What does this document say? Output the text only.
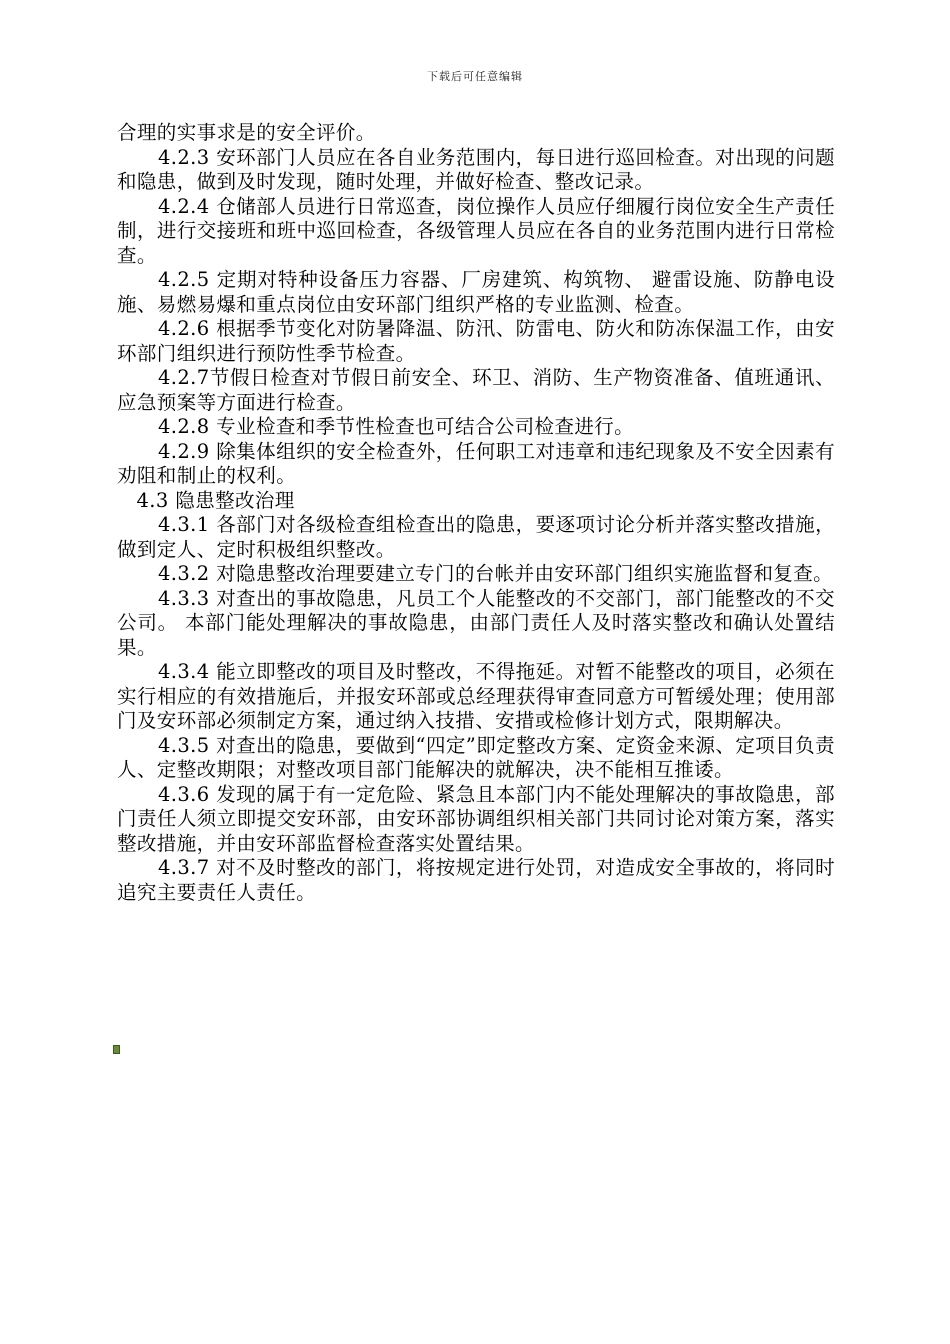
下载后可任意编辑

合理的实事求是的安全评价。

4.2.3 安环部门人员应在各自业务范围内，每日进行巡回检查。对出现的问题和隐患，做到及时发现，随时处理，并做好检查、整改记录。

4.2.4 仓储部人员进行日常巡查，岗位操作人员应仔细履行岗位安全生产责任制，进行交接班和班中巡回检查，各级管理人员应在各自的业务范围内进行日常检查。

4.2.5 定期对特种设备压力容器、厂房建筑、构筑物、 避雷设施、防静电设施、易燃易爆和重点岗位由安环部门组织严格的专业监测、检查。

4.2.6 根据季节变化对防暑降温、防汛、防雷电、防火和防冻保温工作，由安环部门组织进行预防性季节检查。

4.2.7节假日检查对节假日前安全、环卫、消防、生产物资准备、值班通讯、应急预案等方面进行检查。

4.2.8 专业检查和季节性检查也可结合公司检查进行。

4.2.9 除集体组织的安全检查外，任何职工对违章和违纪现象及不安全因素有劝阻和制止的权利。

4.3 隐患整改治理

4.3.1 各部门对各级检查组检查出的隐患，要逐项讨论分析并落实整改措施，做到定人、定时积极组织整改。

4.3.2 对隐患整改治理要建立专门的台帐并由安环部门组织实施监督和复查。

4.3.3 对查出的事故隐患，凡员工个人能整改的不交部门，部门能整改的不交公司。 本部门能处理解决的事故隐患，由部门责任人及时落实整改和确认处置结果。

4.3.4 能立即整改的项目及时整改，不得拖延。对暂不能整改的项目，必须在实行相应的有效措施后，并报安环部或总经理获得审查同意方可暂缓处理；使用部门及安环部必须制定方案，通过纳入技措、安措或检修计划方式，限期解决。

4.3.5 对查出的隐患，要做到“四定”即定整改方案、定资金来源、定项目负责人、定整改期限；对整改项目部门能解决的就解决，决不能相互推诿。

4.3.6 发现的属于有一定危险、紧急且本部门内不能处理解决的事故隐患，部门责任人须立即提交安环部，由安环部协调组织相关部门共同讨论对策方案，落实整改措施，并由安环部监督检查落实处置结果。

4.3.7 对不及时整改的部门，将按规定进行处罚，对造成安全事故的，将同时追究主要责任人责任。
